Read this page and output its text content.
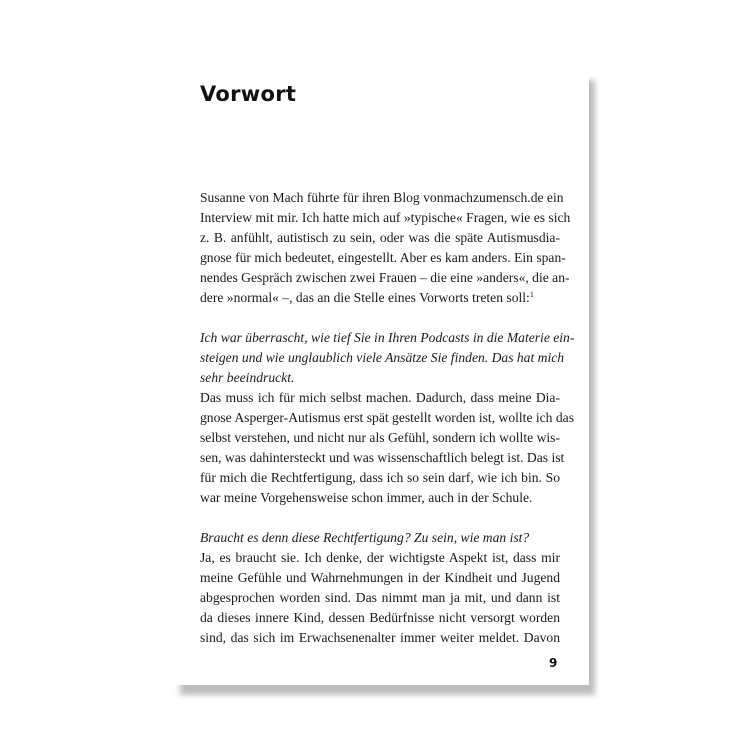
Vorwort
Susanne von Mach führte für ihren Blog vonmachzumensch.de ein
Interview mit mir. Ich hatte mich auf »typische« Fragen, wie es sich
z. B. anfühlt, autistisch zu sein, oder was die späte Autismusdia-
gnose für mich bedeutet, eingestellt. Aber es kam anders. Ein span-
nendes Gespräch zwischen zwei Frauen – die eine »anders«, die an-
dere »normal« –, das an die Stelle eines Vorworts treten soll:$^1$
Ich war überrascht, wie tief Sie in Ihren Podcasts in die Materie ein-
steigen und wie unglaublich viele Ansätze Sie finden. Das hat mich
sehr beeindruckt.
Das muss ich für mich selbst machen. Dadurch, dass meine Dia-
gnose Asperger-Autismus erst spät gestellt worden ist, wollte ich das
selbst verstehen, und nicht nur als Gefühl, sondern ich wollte wis-
sen, was dahintersteckt und was wissenschaftlich belegt ist. Das ist
für mich die Rechtfertigung, dass ich so sein darf, wie ich bin. So
war meine Vorgehensweise schon immer, auch in der Schule.
Braucht es denn diese Rechtfertigung? Zu sein, wie man ist?
Ja, es braucht sie. Ich denke, der wichtigste Aspekt ist, dass mir
meine Gefühle und Wahrnehmungen in der Kindheit und Jugend
abgesprochen worden sind. Das nimmt man ja mit, und dann ist
da dieses innere Kind, dessen Bedürfnisse nicht versorgt worden
sind, das sich im Erwachsenenalter immer weiter meldet. Davon
9
